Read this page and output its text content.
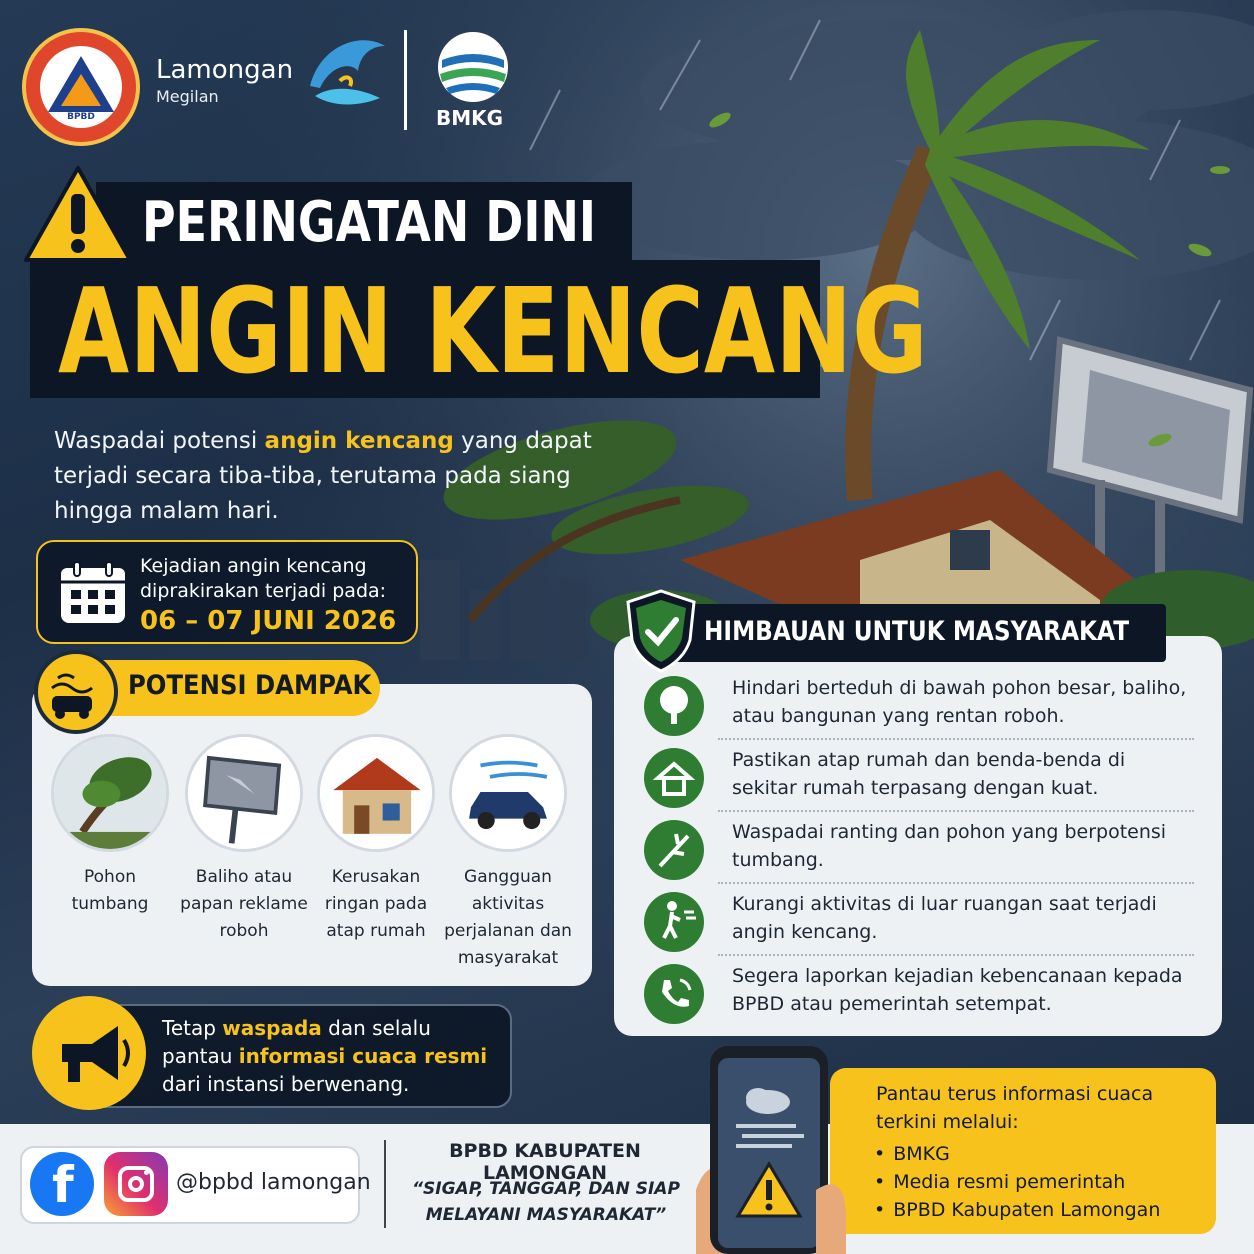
BPBD
Lamongan
Megilan
BMKG
PERINGATAN DINI
ANGIN KENCANG
Waspadai potensi angin kencang yang dapat terjadi secara tiba-tiba, terutama pada siang hingga malam hari.
Kejadian angin kencang diprakirakan terjadi pada:
06 – 07 JUNI 2026
POTENSI DAMPAK
Pohon tumbang
Baliho atau papan reklame roboh
Kerusakan ringan pada atap rumah
Gangguan aktivitas perjalanan dan masyarakat
Tetap waspada dan selalu pantau informasi cuaca resmi dari instansi berwenang.
HIMBAUAN UNTUK MASYARAKAT
Hindari berteduh di bawah pohon besar, baliho, atau bangunan yang rentan roboh.
Pastikan atap rumah dan benda-benda di sekitar rumah terpasang dengan kuat.
Waspadai ranting dan pohon yang berpotensi tumbang.
Kurangi aktivitas di luar ruangan saat terjadi angin kencang.
Segera laporkan kejadian kebencanaan kepada BPBD atau pemerintah setempat.
f	@bpbd lamongan
BPBD KABUPATEN LAMONGAN
“SIGAP, TANGGAP, DAN SIAP MELAYANI MASYARAKAT”
Pantau terus informasi cuaca terkini melalui:
• BMKG
• Media resmi pemerintah
• BPBD Kabupaten Lamongan
